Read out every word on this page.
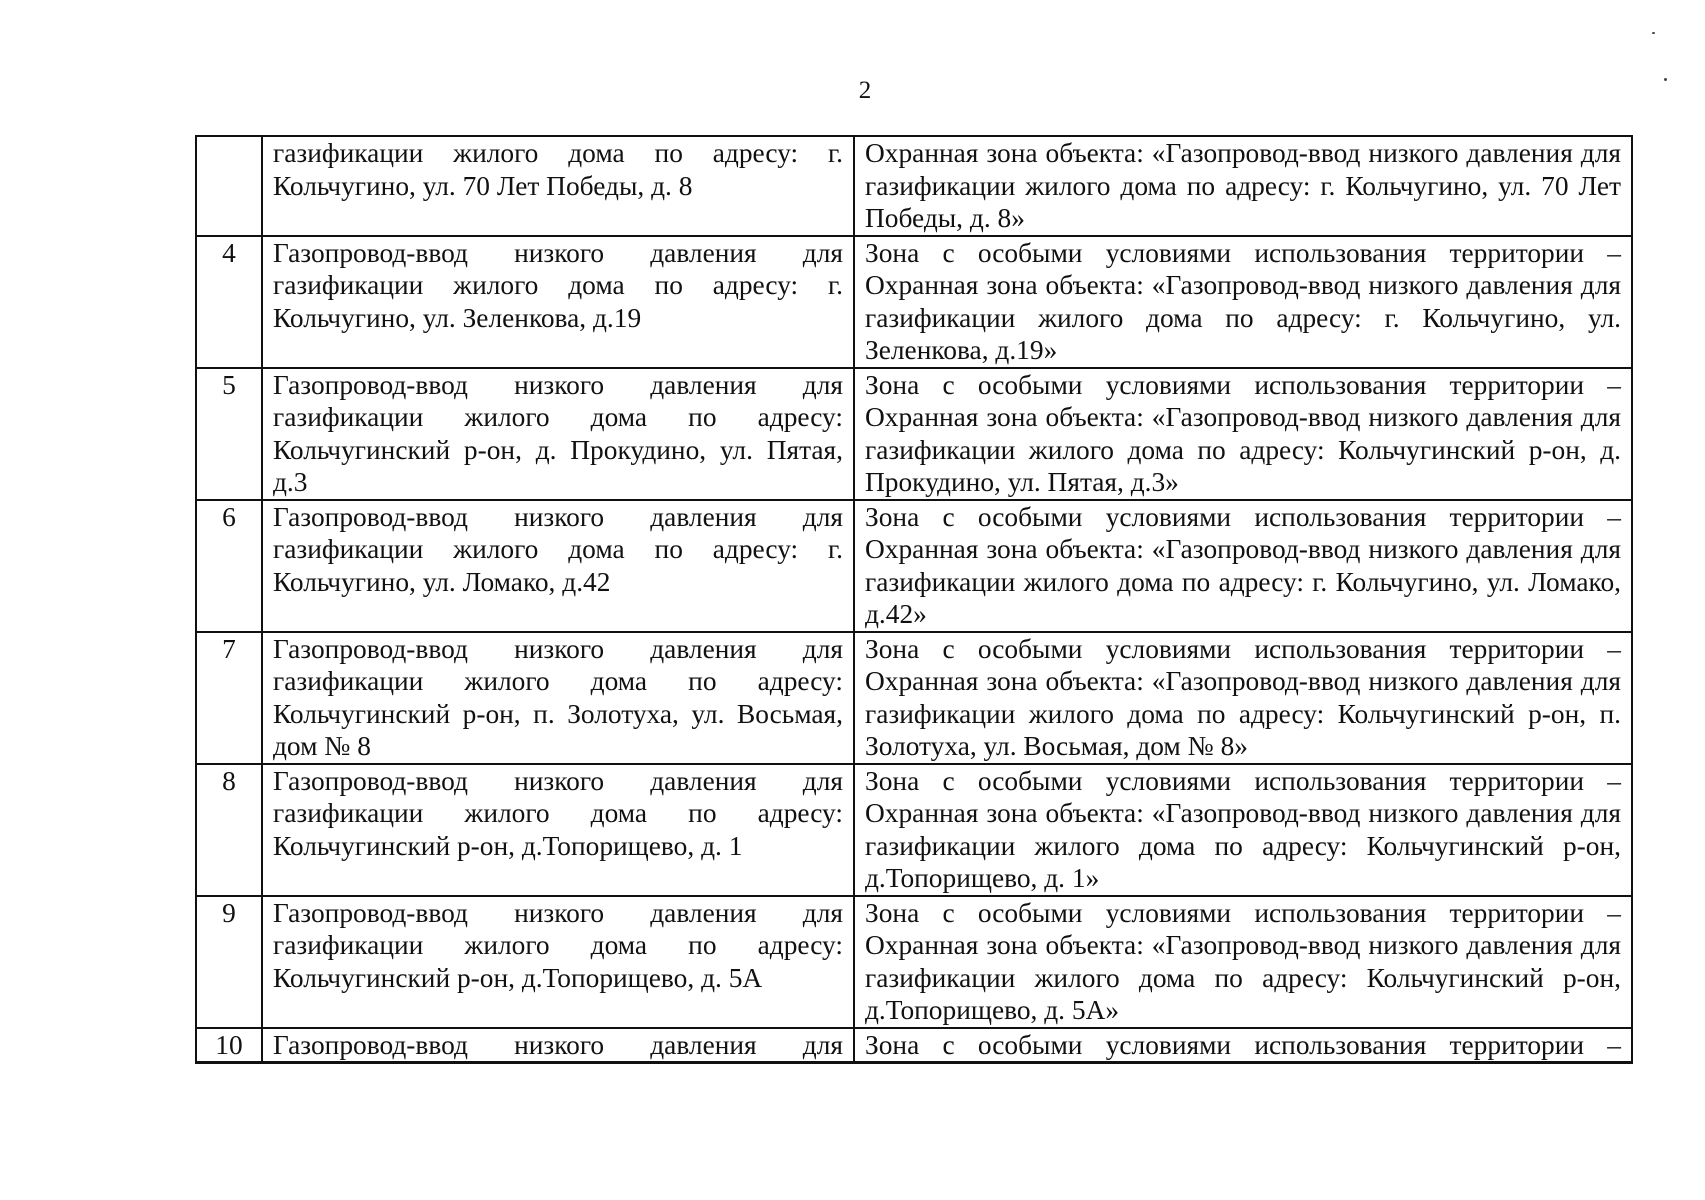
2
	газификации жилого дома по адресу: г. Кольчугино, ул. 70 Лет Победы, д. 8	Охранная зона объекта: «Газопровод-ввод низкого давления для газификации жилого дома по адресу: г. Кольчугино, ул. 70 Лет Победы, д. 8»
4	Газопровод-ввод низкого давления для газификации жилого дома по адресу: г. Кольчугино, ул. Зеленкова, д.19	Зона с особыми условиями использования территории – Охранная зона объекта: «Газопровод-ввод низкого давления для газификации жилого дома по адресу: г. Кольчугино, ул. Зеленкова, д.19»
5	Газопровод-ввод низкого давления для газификации жилого дома по адресу: Кольчугинский р-он, д. Прокудино, ул. Пятая, д.3	Зона с особыми условиями использования территории – Охранная зона объекта: «Газопровод-ввод низкого давления для газификации жилого дома по адресу: Кольчугинский р-он, д. Прокудино, ул. Пятая, д.3»
6	Газопровод-ввод низкого давления для газификации жилого дома по адресу: г. Кольчугино, ул. Ломако, д.42	Зона с особыми условиями использования территории – Охранная зона объекта: «Газопровод-ввод низкого давления для газификации жилого дома по адресу: г. Кольчугино, ул. Ломако, д.42»
7	Газопровод-ввод низкого давления для газификации жилого дома по адресу: Кольчугинский р-он, п. Золотуха, ул. Восьмая, дом № 8	Зона с особыми условиями использования территории – Охранная зона объекта: «Газопровод-ввод низкого давления для газификации жилого дома по адресу: Кольчугинский р-он, п. Золотуха, ул. Восьмая, дом № 8»
8	Газопровод-ввод низкого давления для газификации жилого дома по адресу: Кольчугинский р-он, д.Топорищево, д. 1	Зона с особыми условиями использования территории – Охранная зона объекта: «Газопровод-ввод низкого давления для газификации жилого дома по адресу: Кольчугинский р-он, д.Топорищево, д. 1»
9	Газопровод-ввод низкого давления для газификации жилого дома по адресу: Кольчугинский р-он, д.Топорищево, д. 5А	Зона с особыми условиями использования территории – Охранная зона объекта: «Газопровод-ввод низкого давления для газификации жилого дома по адресу: Кольчугинский р-он, д.Топорищево, д. 5А»
10	Газопровод-ввод низкого давления для	Зона с особыми условиями использования территории –
